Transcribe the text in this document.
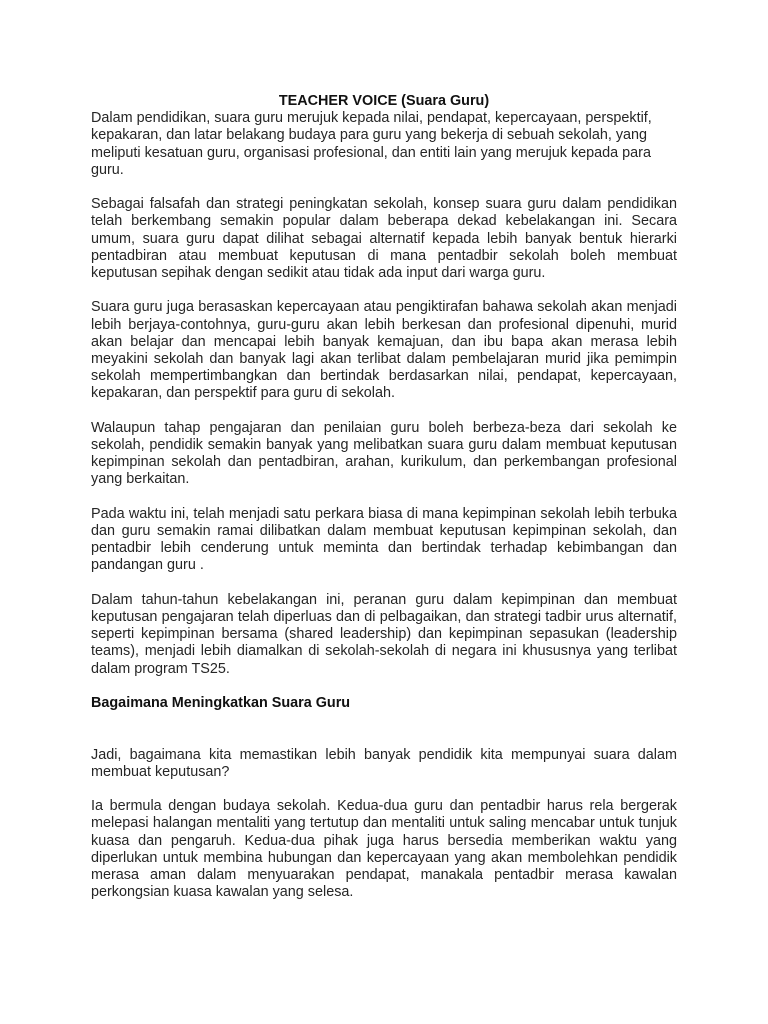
TEACHER VOICE (Suara Guru)

Dalam pendidikan, suara guru merujuk kepada nilai, pendapat, kepercayaan, perspektif, kepakaran, dan latar belakang budaya para guru yang bekerja di sebuah sekolah, yang meliputi kesatuan guru, organisasi profesional, dan entiti lain yang merujuk kepada para guru.

Sebagai falsafah dan strategi peningkatan sekolah, konsep suara guru dalam pendidikan telah berkembang semakin popular dalam beberapa dekad kebelakangan ini. Secara umum, suara guru dapat dilihat sebagai alternatif kepada lebih banyak bentuk hierarki pentadbiran atau membuat keputusan di mana pentadbir sekolah boleh membuat keputusan sepihak dengan sedikit atau tidak ada input dari warga guru.

Suara guru juga berasaskan kepercayaan atau pengiktirafan bahawa sekolah akan menjadi lebih berjaya-contohnya, guru-guru akan lebih berkesan dan profesional dipenuhi, murid akan belajar dan mencapai lebih banyak kemajuan, dan ibu bapa akan merasa lebih meyakini sekolah dan banyak lagi akan terlibat dalam pembelajaran murid jika pemimpin sekolah mempertimbangkan dan bertindak berdasarkan nilai, pendapat, kepercayaan, kepakaran, dan perspektif para guru di sekolah.

Walaupun tahap pengajaran dan penilaian guru boleh berbeza-beza dari sekolah ke sekolah, pendidik semakin banyak yang melibatkan suara guru dalam membuat keputusan kepimpinan sekolah dan pentadbiran, arahan, kurikulum, dan perkembangan profesional yang berkaitan.

Pada waktu ini, telah menjadi satu perkara biasa di mana kepimpinan sekolah lebih terbuka dan guru semakin ramai dilibatkan dalam membuat keputusan kepimpinan sekolah, dan pentadbir lebih cenderung untuk meminta dan bertindak terhadap kebimbangan dan pandangan guru .

Dalam tahun-tahun kebelakangan ini, peranan guru dalam kepimpinan dan membuat keputusan pengajaran telah diperluas dan di pelbagaikan, dan strategi tadbir urus alternatif, seperti kepimpinan bersama (shared leadership) dan kepimpinan sepasukan (leadership teams), menjadi lebih diamalkan di sekolah-sekolah di negara ini khususnya yang terlibat dalam program TS25.

Bagaimana Meningkatkan Suara Guru

Jadi, bagaimana kita memastikan lebih banyak pendidik kita mempunyai suara dalam membuat keputusan?

Ia bermula dengan budaya sekolah. Kedua-dua guru dan pentadbir harus rela bergerak melepasi halangan mentaliti yang tertutup dan mentaliti untuk saling mencabar untuk tunjuk kuasa dan pengaruh. Kedua-dua pihak juga harus bersedia memberikan waktu yang diperlukan untuk membina hubungan dan kepercayaan yang akan membolehkan pendidik merasa aman dalam menyuarakan pendapat, manakala pentadbir merasa kawalan perkongsian kuasa kawalan yang selesa.
